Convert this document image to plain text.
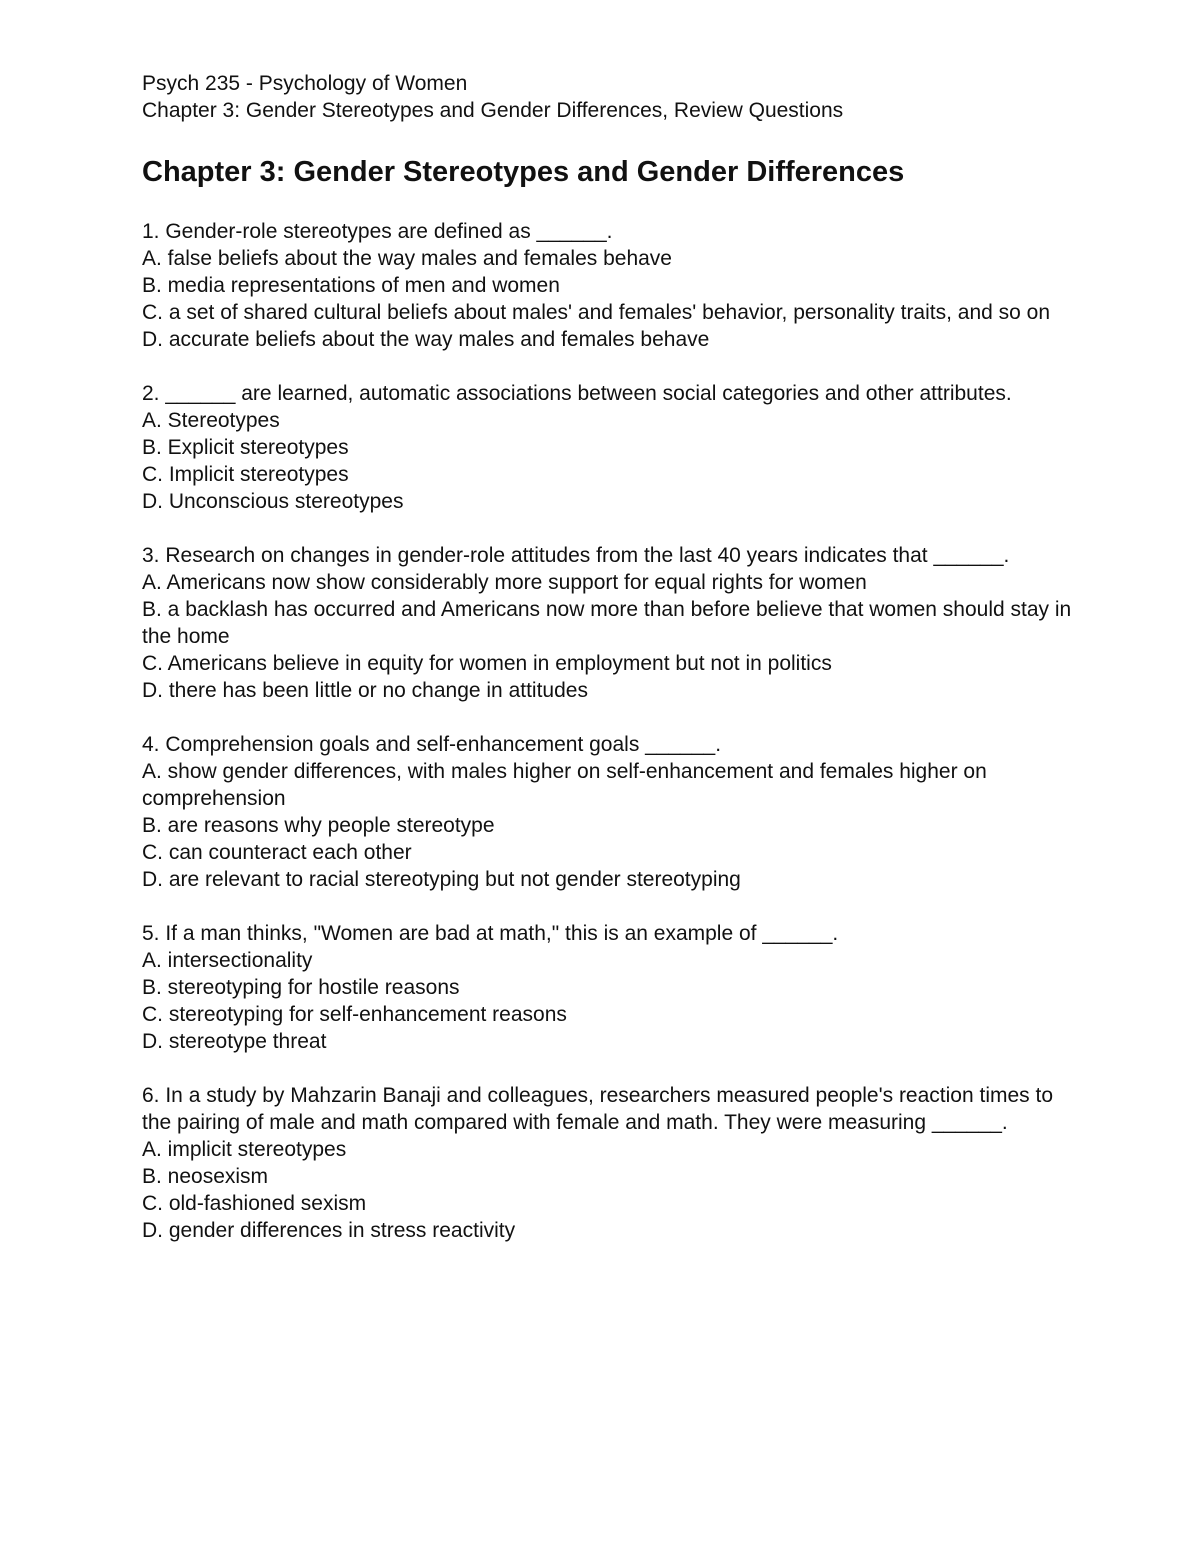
Psych 235 - Psychology of Women

Chapter 3: Gender Stereotypes and Gender Differences, Review Questions

Chapter 3: Gender Stereotypes and Gender Differences

1. Gender-role stereotypes are defined as ______.

A. false beliefs about the way males and females behave

B. media representations of men and women

C. a set of shared cultural beliefs about males' and females' behavior, personality traits, and so on

D. accurate beliefs about the way males and females behave

2. ______ are learned, automatic associations between social categories and other attributes.

A. Stereotypes

B. Explicit stereotypes

C. Implicit stereotypes

D. Unconscious stereotypes

3. Research on changes in gender-role attitudes from the last 40 years indicates that ______.

A. Americans now show considerably more support for equal rights for women

B. a backlash has occurred and Americans now more than before believe that women should stay in the home

C. Americans believe in equity for women in employment but not in politics

D. there has been little or no change in attitudes

4. Comprehension goals and self-enhancement goals ______.

A. show gender differences, with males higher on self-enhancement and females higher on comprehension

B. are reasons why people stereotype

C. can counteract each other

D. are relevant to racial stereotyping but not gender stereotyping

5. If a man thinks, "Women are bad at math," this is an example of ______.

A. intersectionality

B. stereotyping for hostile reasons

C. stereotyping for self-enhancement reasons

D. stereotype threat

6. In a study by Mahzarin Banaji and colleagues, researchers measured people's reaction times to the pairing of male and math compared with female and math. They were measuring ______.

A. implicit stereotypes

B. neosexism

C. old-fashioned sexism

D. gender differences in stress reactivity
